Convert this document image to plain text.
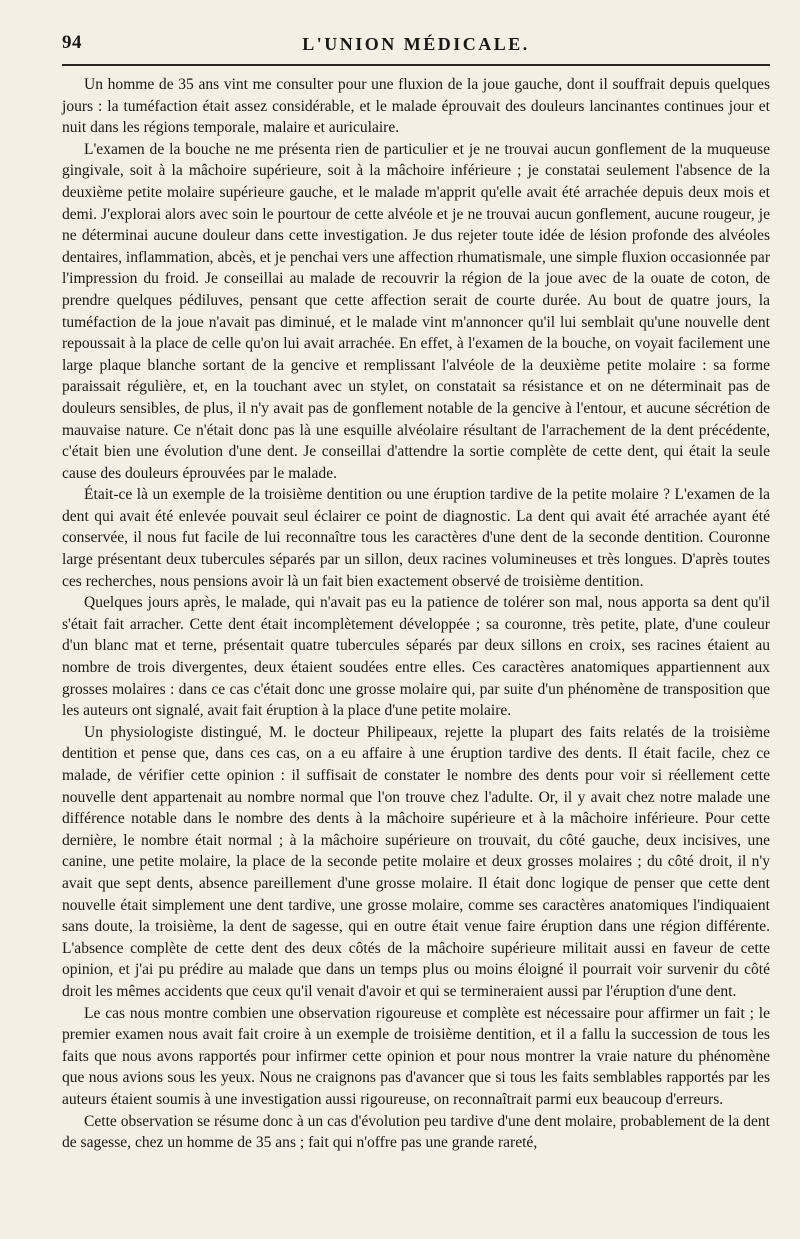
94	L'UNION MÉDICALE.

Un homme de 35 ans vint me consulter pour une fluxion de la joue gauche, dont il souffrait depuis quelques jours : la tuméfaction était assez considérable, et le malade éprouvait des douleurs lancinantes continues jour et nuit dans les régions temporale, malaire et auriculaire.

L'examen de la bouche ne me présenta rien de particulier et je ne trouvai aucun gonflement de la muqueuse gingivale, soit à la mâchoire supérieure, soit à la mâchoire inférieure ; je constatai seulement l'absence de la deuxième petite molaire supérieure gauche, et le malade m'apprit qu'elle avait été arrachée depuis deux mois et demi. J'explorai alors avec soin le pourtour de cette alvéole et je ne trouvai aucun gonflement, aucune rougeur, je ne déterminai aucune douleur dans cette investigation. Je dus rejeter toute idée de lésion profonde des alvéoles dentaires, inflammation, abcès, et je penchai vers une affection rhumatismale, une simple fluxion occasionnée par l'impression du froid. Je conseillai au malade de recouvrir la région de la joue avec de la ouate de coton, de prendre quelques pédiluves, pensant que cette affection serait de courte durée. Au bout de quatre jours, la tuméfaction de la joue n'avait pas diminué, et le malade vint m'annoncer qu'il lui semblait qu'une nouvelle dent repoussait à la place de celle qu'on lui avait arrachée. En effet, à l'examen de la bouche, on voyait facilement une large plaque blanche sortant de la gencive et remplissant l'alvéole de la deuxième petite molaire : sa forme paraissait régulière, et, en la touchant avec un stylet, on constatait sa résistance et on ne déterminait pas de douleurs sensibles, de plus, il n'y avait pas de gonflement notable de la gencive à l'entour, et aucune sécrétion de mauvaise nature. Ce n'était donc pas là une esquille alvéolaire résultant de l'arrachement de la dent précédente, c'était bien une évolution d'une dent. Je conseillai d'attendre la sortie complète de cette dent, qui était la seule cause des douleurs éprouvées par le malade.

Était-ce là un exemple de la troisième dentition ou une éruption tardive de la petite molaire ? L'examen de la dent qui avait été enlevée pouvait seul éclairer ce point de diagnostic. La dent qui avait été arrachée ayant été conservée, il nous fut facile de lui reconnaître tous les caractères d'une dent de la seconde dentition. Couronne large présentant deux tubercules séparés par un sillon, deux racines volumineuses et très longues. D'après toutes ces recherches, nous pensions avoir là un fait bien exactement observé de troisième dentition.

Quelques jours après, le malade, qui n'avait pas eu la patience de tolérer son mal, nous apporta sa dent qu'il s'était fait arracher. Cette dent était incomplètement développée ; sa couronne, très petite, plate, d'une couleur d'un blanc mat et terne, présentait quatre tubercules séparés par deux sillons en croix, ses racines étaient au nombre de trois divergentes, deux étaient soudées entre elles. Ces caractères anatomiques appartiennent aux grosses molaires : dans ce cas c'était donc une grosse molaire qui, par suite d'un phénomène de transposition que les auteurs ont signalé, avait fait éruption à la place d'une petite molaire.

Un physiologiste distingué, M. le docteur Philipeaux, rejette la plupart des faits relatés de la troisième dentition et pense que, dans ces cas, on a eu affaire à une éruption tardive des dents. Il était facile, chez ce malade, de vérifier cette opinion : il suffisait de constater le nombre des dents pour voir si réellement cette nouvelle dent appartenait au nombre normal que l'on trouve chez l'adulte. Or, il y avait chez notre malade une différence notable dans le nombre des dents à la mâchoire supérieure et à la mâchoire inférieure. Pour cette dernière, le nombre était normal ; à la mâchoire supérieure on trouvait, du côté gauche, deux incisives, une canine, une petite molaire, la place de la seconde petite molaire et deux grosses molaires ; du côté droit, il n'y avait que sept dents, absence pareillement d'une grosse molaire. Il était donc logique de penser que cette dent nouvelle était simplement une dent tardive, une grosse molaire, comme ses caractères anatomiques l'indiquaient sans doute, la troisième, la dent de sagesse, qui en outre était venue faire éruption dans une région différente. L'absence complète de cette dent des deux côtés de la mâchoire supérieure militait aussi en faveur de cette opinion, et j'ai pu prédire au malade que dans un temps plus ou moins éloigné il pourrait voir survenir du côté droit les mêmes accidents que ceux qu'il venait d'avoir et qui se termineraient aussi par l'éruption d'une dent.

Le cas nous montre combien une observation rigoureuse et complète est nécessaire pour affirmer un fait ; le premier examen nous avait fait croire à un exemple de troisième dentition, et il a fallu la succession de tous les faits que nous avons rapportés pour infirmer cette opinion et pour nous montrer la vraie nature du phénomène que nous avions sous les yeux. Nous ne craignons pas d'avancer que si tous les faits semblables rapportés par les auteurs étaient soumis à une investigation aussi rigoureuse, on reconnaîtrait parmi eux beaucoup d'erreurs.

Cette observation se résume donc à un cas d'évolution peu tardive d'une dent molaire, probablement de la dent de sagesse, chez un homme de 35 ans ; fait qui n'offre pas une grande rareté,
